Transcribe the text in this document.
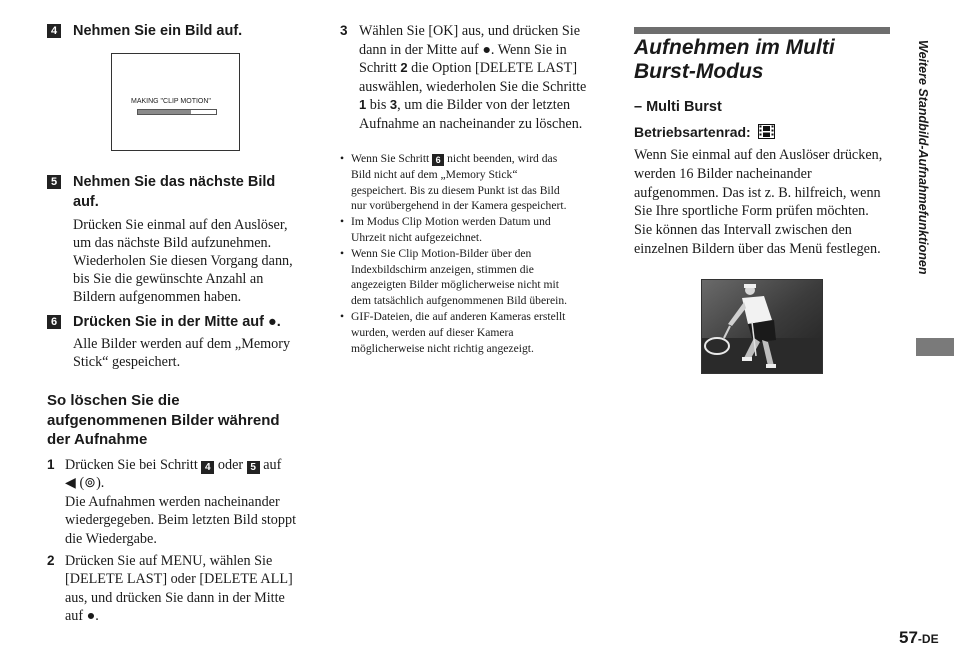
4 Nehmen Sie ein Bild auf.
MAKING "CLIP MOTION"
5 Nehmen Sie das nächste Bild
auf.
Drücken Sie einmal auf den Auslöser,
um das nächste Bild aufzunehmen.
Wiederholen Sie diesen Vorgang dann,
bis Sie die gewünschte Anzahl an
Bildern aufgenommen haben.
6 Drücken Sie in der Mitte auf ●.
Alle Bilder werden auf dem „Memory
Stick“ gespeichert.
So löschen Sie die
aufgenommenen Bilder während
der Aufnahme
1 Drücken Sie bei Schritt 4 oder 5 auf
◀ (⊚).
Die Aufnahmen werden nacheinander
wiedergegeben. Beim letzten Bild stoppt
die Wiedergabe.
2 Drücken Sie auf MENU, wählen Sie
[DELETE LAST] oder [DELETE ALL]
aus, und drücken Sie dann in der Mitte
auf ●.
3 Wählen Sie [OK] aus, und drücken Sie
dann in der Mitte auf ●. Wenn Sie in
Schritt 2 die Option [DELETE LAST]
auswählen, wiederholen Sie die Schritte
1 bis 3, um die Bilder von der letzten
Aufnahme an nacheinander zu löschen.
• Wenn Sie Schritt 6 nicht beenden, wird das
Bild nicht auf dem „Memory Stick“
gespeichert. Bis zu diesem Punkt ist das Bild
nur vorübergehend in der Kamera gespeichert.
• Im Modus Clip Motion werden Datum und
Uhrzeit nicht aufgezeichnet.
• Wenn Sie Clip Motion-Bilder über den
Indexbildschirm anzeigen, stimmen die
angezeigten Bilder möglicherweise nicht mit
dem tatsächlich aufgenommenen Bild überein.
• GIF-Dateien, die auf anderen Kameras erstellt
wurden, werden auf dieser Kamera
möglicherweise nicht richtig angezeigt.
Aufnehmen im Multi
Burst-Modus
– Multi Burst
Betriebsartenrad:
Wenn Sie einmal auf den Auslöser drücken,
werden 16 Bilder nacheinander
aufgenommen. Das ist z. B. hilfreich, wenn
Sie Ihre sportliche Form prüfen möchten.
Sie können das Intervall zwischen den
einzelnen Bildern über das Menü festlegen.	Weitere Standbild-Aufnahmefunktionen
57-DE
